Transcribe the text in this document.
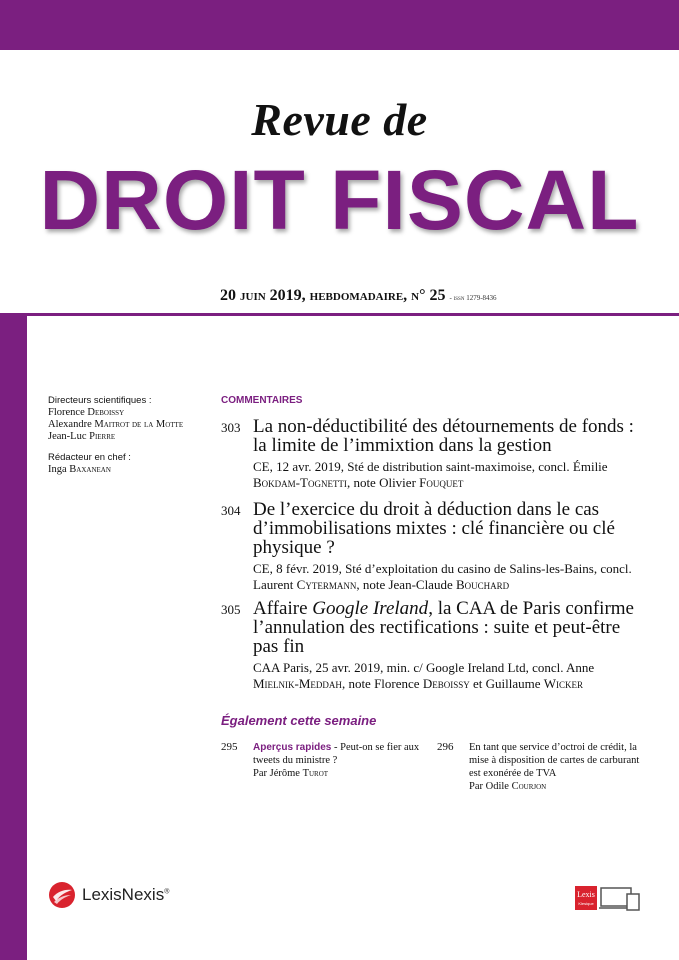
Revue de
DROIT FISCAL
20 juin 2019, hebdomadaire, n° 25 - issn 1279-8436
Directeurs scientifiques :
Florence Deboissy
Alexandre Maitrot de la Motte
Jean-Luc Pierre
Rédacteur en chef :
Inga Baxanean
COMMENTAIRES
303 La non-déductibilité des détournements de fonds : la limite de l’immixtion dans la gestion
CE, 12 avr. 2019, Sté de distribution saint-maximoise, concl. Émilie Bokdam-Tognetti, note Olivier Fouquet
304 De l’exercice du droit à déduction dans le cas d’immobilisations mixtes : clé financière ou clé physique ?
CE, 8 févr. 2019, Sté d’exploitation du casino de Salins-les-Bains, concl. Laurent Cytermann, note Jean-Claude Bouchard
305 Affaire Google Ireland, la CAA de Paris confirme l’annulation des rectifications : suite et peut-être pas fin
CAA Paris, 25 avr. 2019, min. c/ Google Ireland Ltd, concl. Anne Mielnik-Meddah, note Florence Deboissy et Guillaume Wicker
Également cette semaine
295 Aperçus rapides - Peut-on se fier aux tweets du ministre ?
Par Jérôme Turot
296 En tant que service d’octroi de crédit, la mise à disposition de cartes de carburant est exonérée de TVA
Par Odile Courjon
LexisNexis®	Lexis
Klesique
